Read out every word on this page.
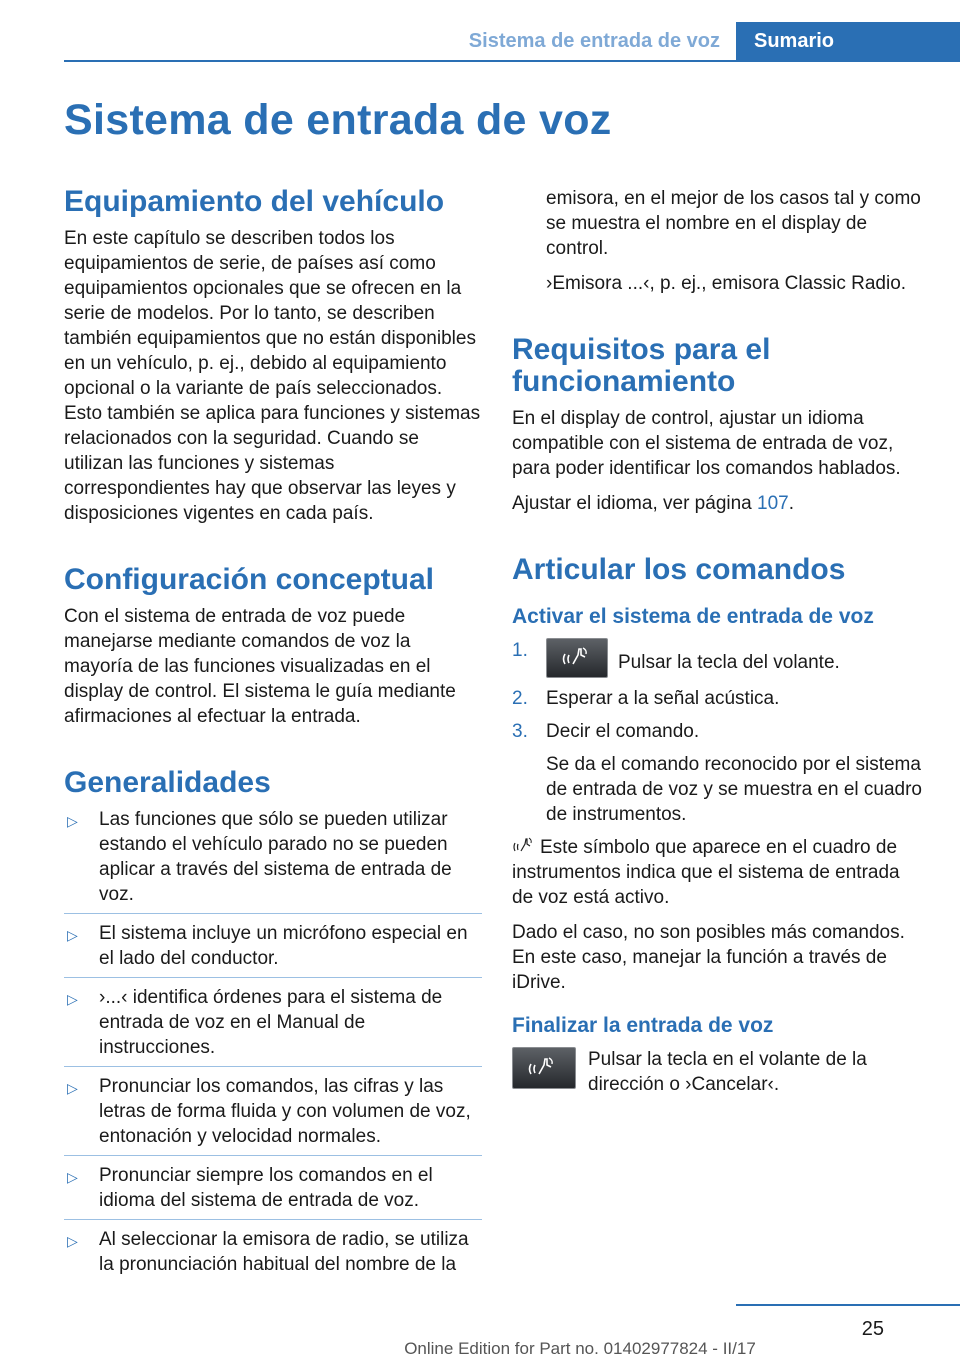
Sistema de entrada de voz	Sumario
Sistema de entrada de voz
Equipamiento del vehículo

En este capítulo se describen todos los equipamientos de serie, de países así como equipamientos opcionales que se ofrecen en la serie de modelos. Por lo tanto, se describen también equipamientos que no están disponibles en un vehículo, p. ej., debido al equipamiento opcional o la variante de país seleccionados. Esto también se aplica para funciones y sistemas relacionados con la seguridad. Cuando se utilizan las funciones y sistemas correspondientes hay que observar las leyes y disposiciones vigentes en cada país.

Configuración conceptual

Con el sistema de entrada de voz puede manejarse mediante comandos de voz la mayoría de las funciones visualizadas en el display de control. El sistema le guía mediante afirmaciones al efectuar la entrada.

Generalidades
▷ Las funciones que sólo se pueden utilizar estando el vehículo parado no se pueden aplicar a través del sistema de entrada de voz.
▷ El sistema incluye un micrófono especial en el lado del conductor.
▷ ›...‹ identifica órdenes para el sistema de entrada de voz en el Manual de instrucciones.
▷ Pronunciar los comandos, las cifras y las letras de forma fluida y con volumen de voz, entonación y velocidad normales.
▷ Pronunciar siempre los comandos en el idioma del sistema de entrada de voz.
▷ Al seleccionar la emisora de radio, se utiliza la pronunciación habitual del nombre de la

emisora, en el mejor de los casos tal y como se muestra el nombre en el display de control.

›Emisora ...‹, p. ej., emisora Classic Radio.

Requisitos para el funcionamiento

En el display de control, ajustar un idioma compatible con el sistema de entrada de voz, para poder identificar los comandos hablados.

Ajustar el idioma, ver página 107.

Articular los comandos
Activar el sistema de entrada de voz
1.
Pulsar la tecla del volante.
2. Esperar a la señal acústica.
3. Decir el comando.

Se da el comando reconocido por el sistema de entrada de voz y se muestra en el cuadro de instrumentos.

Este símbolo que aparece en el cuadro de instrumentos indica que el sistema de entrada de voz está activo.

Dado el caso, no son posibles más comandos. En este caso, manejar la función a través de iDrive.

Finalizar la entrada de voz

Pulsar la tecla en el volante de la dirección o ›Cancelar‹.

25
Online Edition for Part no. 01402977824 - II/17
